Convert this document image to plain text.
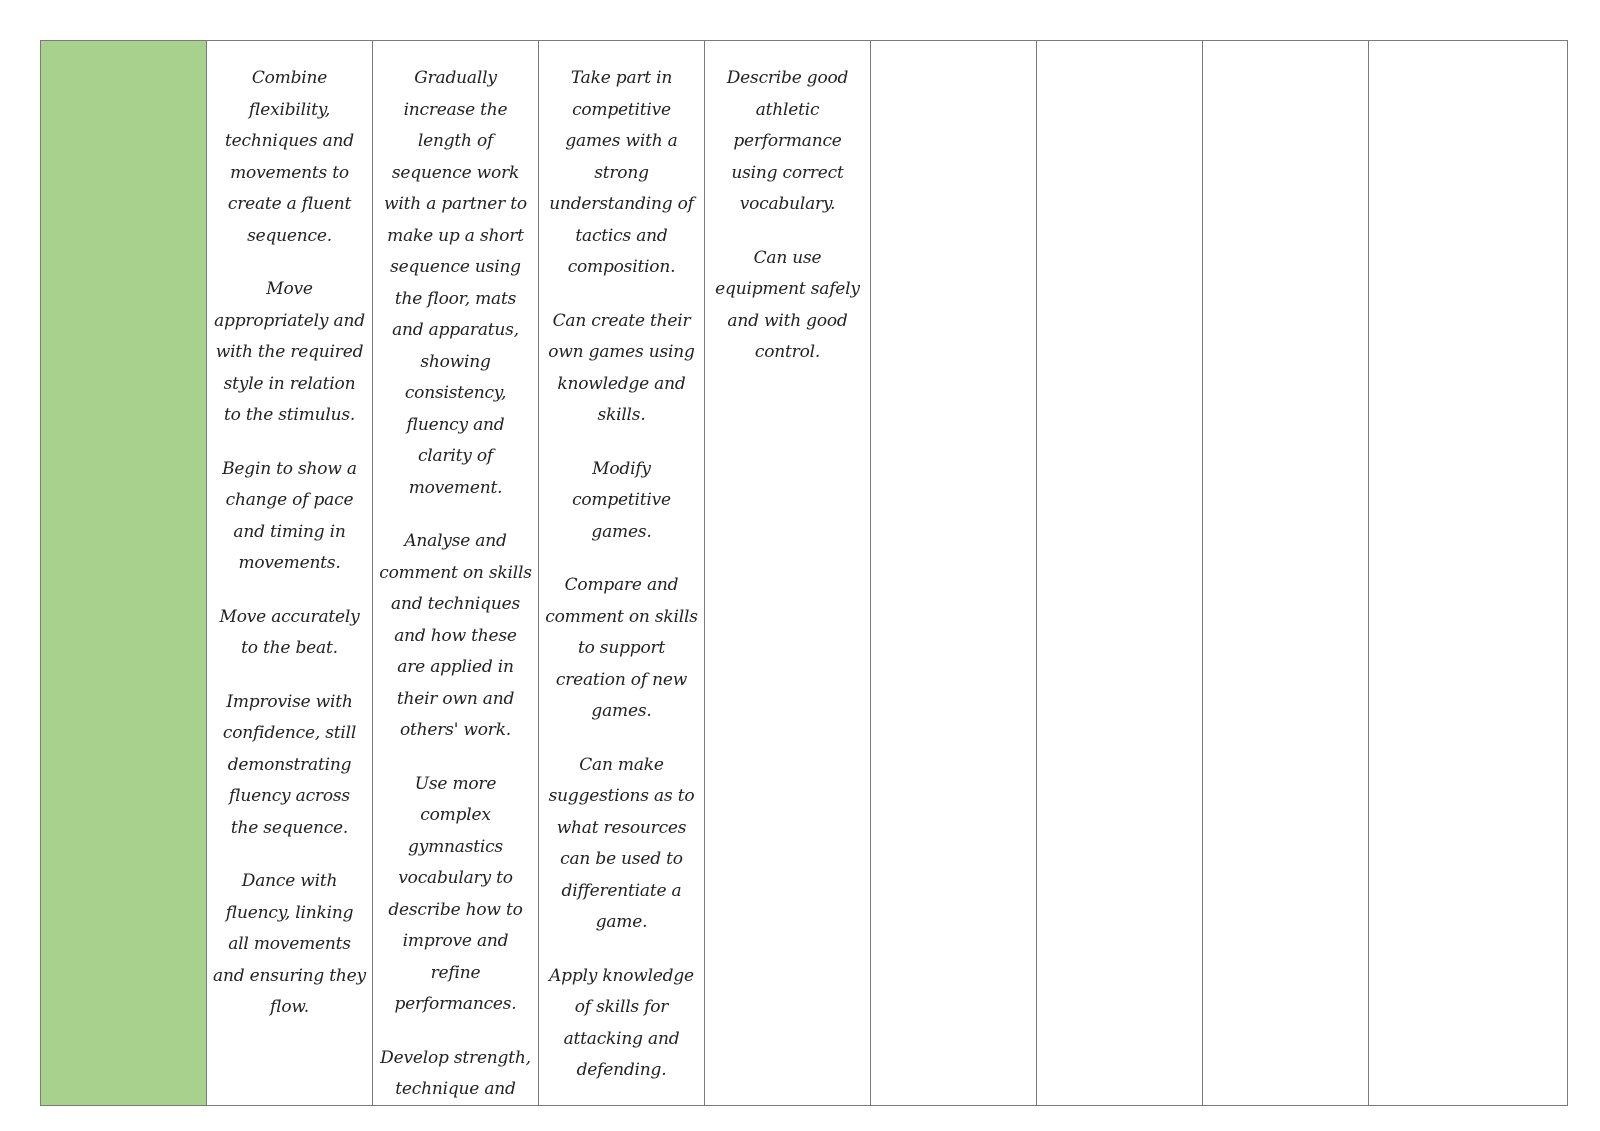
Combine flexibility, techniques and movements to create a fluent sequence.

Move appropriately and with the required style in relation to the stimulus.

Begin to show a change of pace and timing in movements.

Move accurately to the beat.

Improvise with confidence, still demonstrating fluency across the sequence.

Dance with fluency, linking all movements and ensuring they flow.

Gradually increase the length of sequence work with a partner to make up a short sequence using the floor, mats and apparatus, showing consistency, fluency and clarity of movement.

Analyse and comment on skills and techniques and how these are applied in their own and others' work.

Use more complex gymnastics vocabulary to describe how to improve and refine performances.

Develop strength, technique and

Take part in competitive games with a strong understanding of tactics and composition.

Can create their own games using knowledge and skills.

Modify competitive games.

Compare and comment on skills to support creation of new games.

Can make suggestions as to what resources can be used to differentiate a game.

Apply knowledge of skills for attacking and defending.

Describe good athletic performance using correct vocabulary.

Can use equipment safely and with good control.
